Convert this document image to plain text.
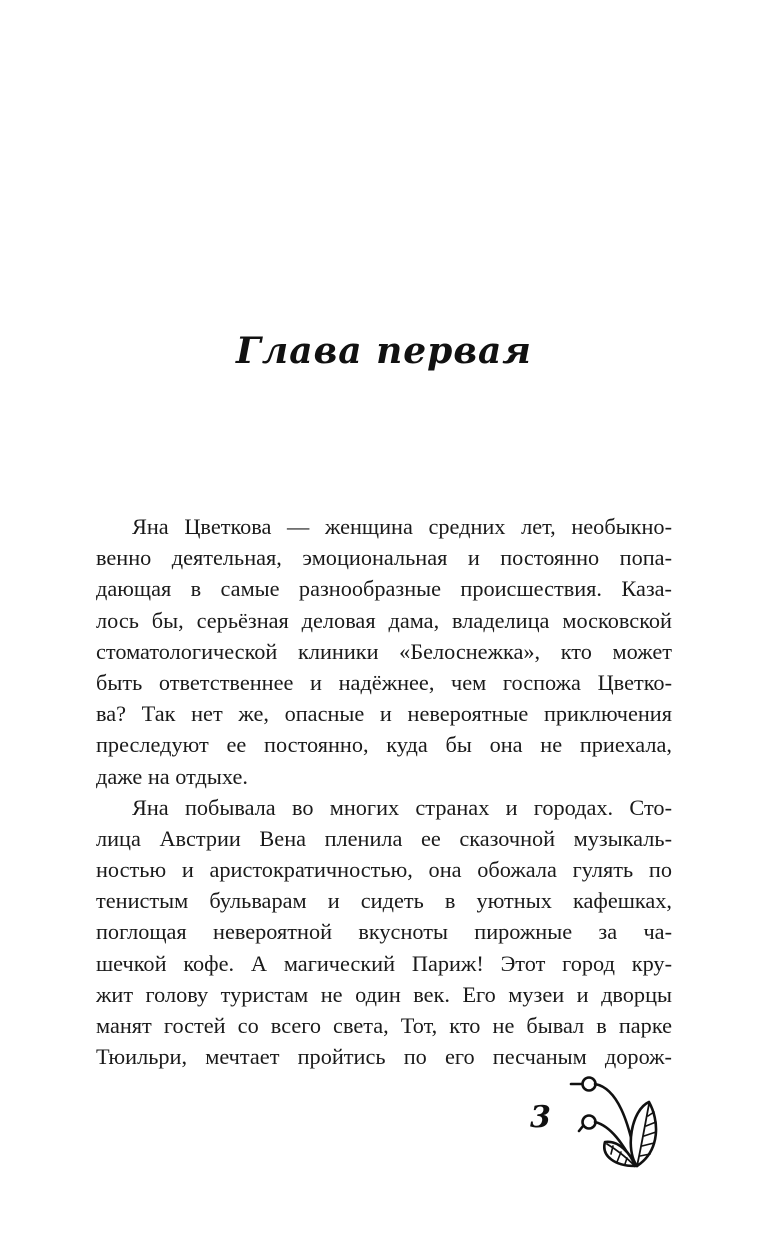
Глава первая
Яна Цветкова — женщина средних лет, необыкно-
венно деятельная, эмоциональная и постоянно попа-
дающая в самые разнообразные происшествия. Каза-
лось бы, серьёзная деловая дама, владелица московской
стоматологической клиники «Белоснежка», кто может
быть ответственнее и надёжнее, чем госпожа Цветко-
ва? Так нет же, опасные и невероятные приключения
преследуют ее постоянно, куда бы она не приехала,
даже на отдыхе.
Яна побывала во многих странах и городах. Сто-
лица Австрии Вена пленила ее сказочной музыкаль-
ностью и аристократичностью, она обожала гулять по
тенистым бульварам и сидеть в уютных кафешках,
поглощая невероятной вкусноты пирожные за ча-
шечкой кофе. А магический Париж! Этот город кру-
жит голову туристам не один век. Его музеи и дворцы
манят гостей со всего света, Тот, кто не бывал в парке
Тюильри, мечтает пройтись по его песчаным дорож-
3
